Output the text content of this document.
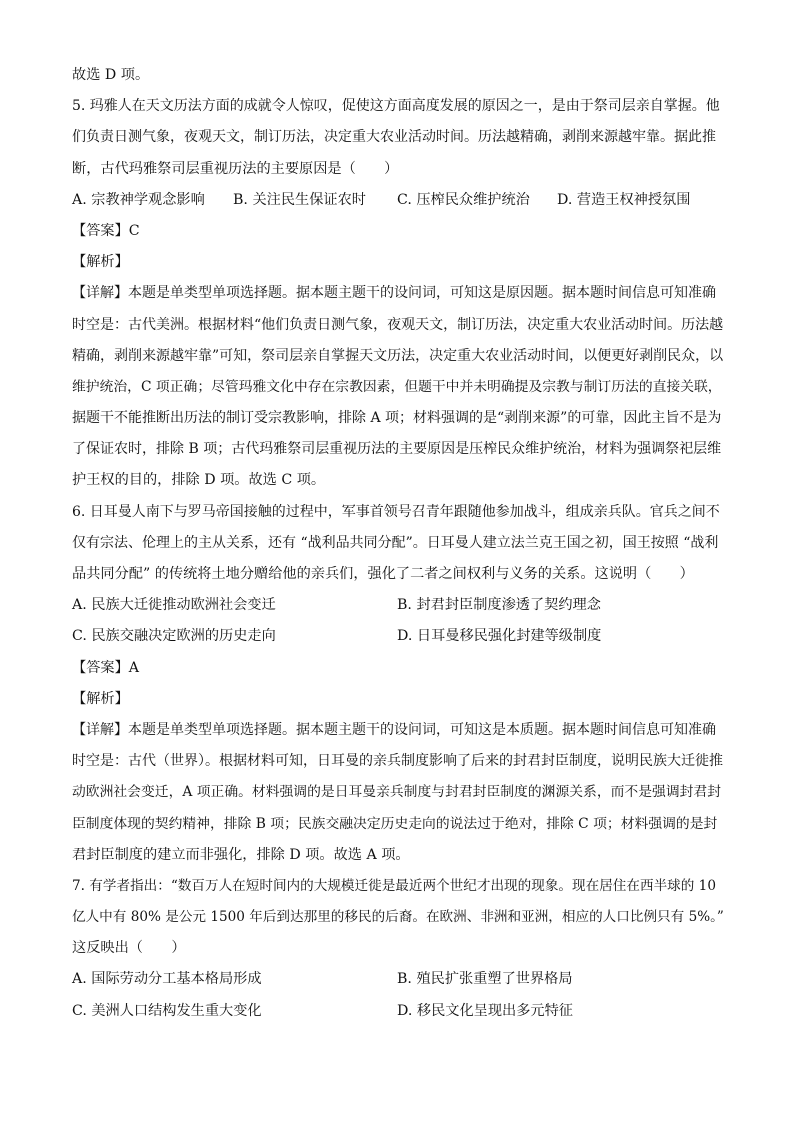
故选 D 项。
5. 玛雅人在天文历法方面的成就令人惊叹，促使这方面高度发展的原因之一，是由于祭司层亲自掌握。他
们负责日测气象，夜观天文，制订历法，决定重大农业活动时间。历法越精确，剥削来源越牢靠。据此推
断，古代玛雅祭司层重视历法的主要原因是（　　）
A. 宗教神学观念影响	B. 关注民生保证农时	C. 压榨民众维护统治	D. 营造王权神授氛围
【答案】C
【解析】
【详解】本题是单类型单项选择题。据本题主题干的设问词，可知这是原因题。据本题时间信息可知准确
时空是：古代美洲。根据材料“他们负责日测气象，夜观天文，制订历法，决定重大农业活动时间。历法越
精确，剥削来源越牢靠”可知，祭司层亲自掌握天文历法，决定重大农业活动时间，以便更好剥削民众，以
维护统治，C 项正确；尽管玛雅文化中存在宗教因素，但题干中并未明确提及宗教与制订历法的直接关联，
据题干不能推断出历法的制订受宗教影响，排除 A 项；材料强调的是“剥削来源”的可靠，因此主旨不是为
了保证农时，排除 B 项；古代玛雅祭司层重视历法的主要原因是压榨民众维护统治，材料为强调祭祀层维
护王权的目的，排除 D 项。故选 C 项。
6. 日耳曼人南下与罗马帝国接触的过程中，军事首领号召青年跟随他参加战斗，组成亲兵队。官兵之间不
仅有宗法、伦理上的主从关系，还有 “战利品共同分配”。日耳曼人建立法兰克王国之初，国王按照 “战利
品共同分配” 的传统将土地分赠给他的亲兵们，强化了二者之间权利与义务的关系。这说明（　　）
A. 民族大迁徙推动欧洲社会变迁	B. 封君封臣制度渗透了契约理念
C. 民族交融决定欧洲的历史走向	D. 日耳曼移民强化封建等级制度
【答案】A
【解析】
【详解】本题是单类型单项选择题。据本题主题干的设问词，可知这是本质题。据本题时间信息可知准确
时空是：古代（世界）。根据材料可知，日耳曼的亲兵制度影响了后来的封君封臣制度，说明民族大迁徙推
动欧洲社会变迁，A 项正确。材料强调的是日耳曼亲兵制度与封君封臣制度的渊源关系，而不是强调封君封
臣制度体现的契约精神，排除 B 项；民族交融决定历史走向的说法过于绝对，排除 C 项；材料强调的是封
君封臣制度的建立而非强化，排除 D 项。故选 A 项。
7. 有学者指出：“数百万人在短时间内的大规模迁徙是最近两个世纪才出现的现象。现在居住在西半球的 10
亿人中有 80% 是公元 1500 年后到达那里的移民的后裔。在欧洲、非洲和亚洲，相应的人口比例只有 5%。”
这反映出（　　）
A. 国际劳动分工基本格局形成	B. 殖民扩张重塑了世界格局
C. 美洲人口结构发生重大变化	D. 移民文化呈现出多元特征
